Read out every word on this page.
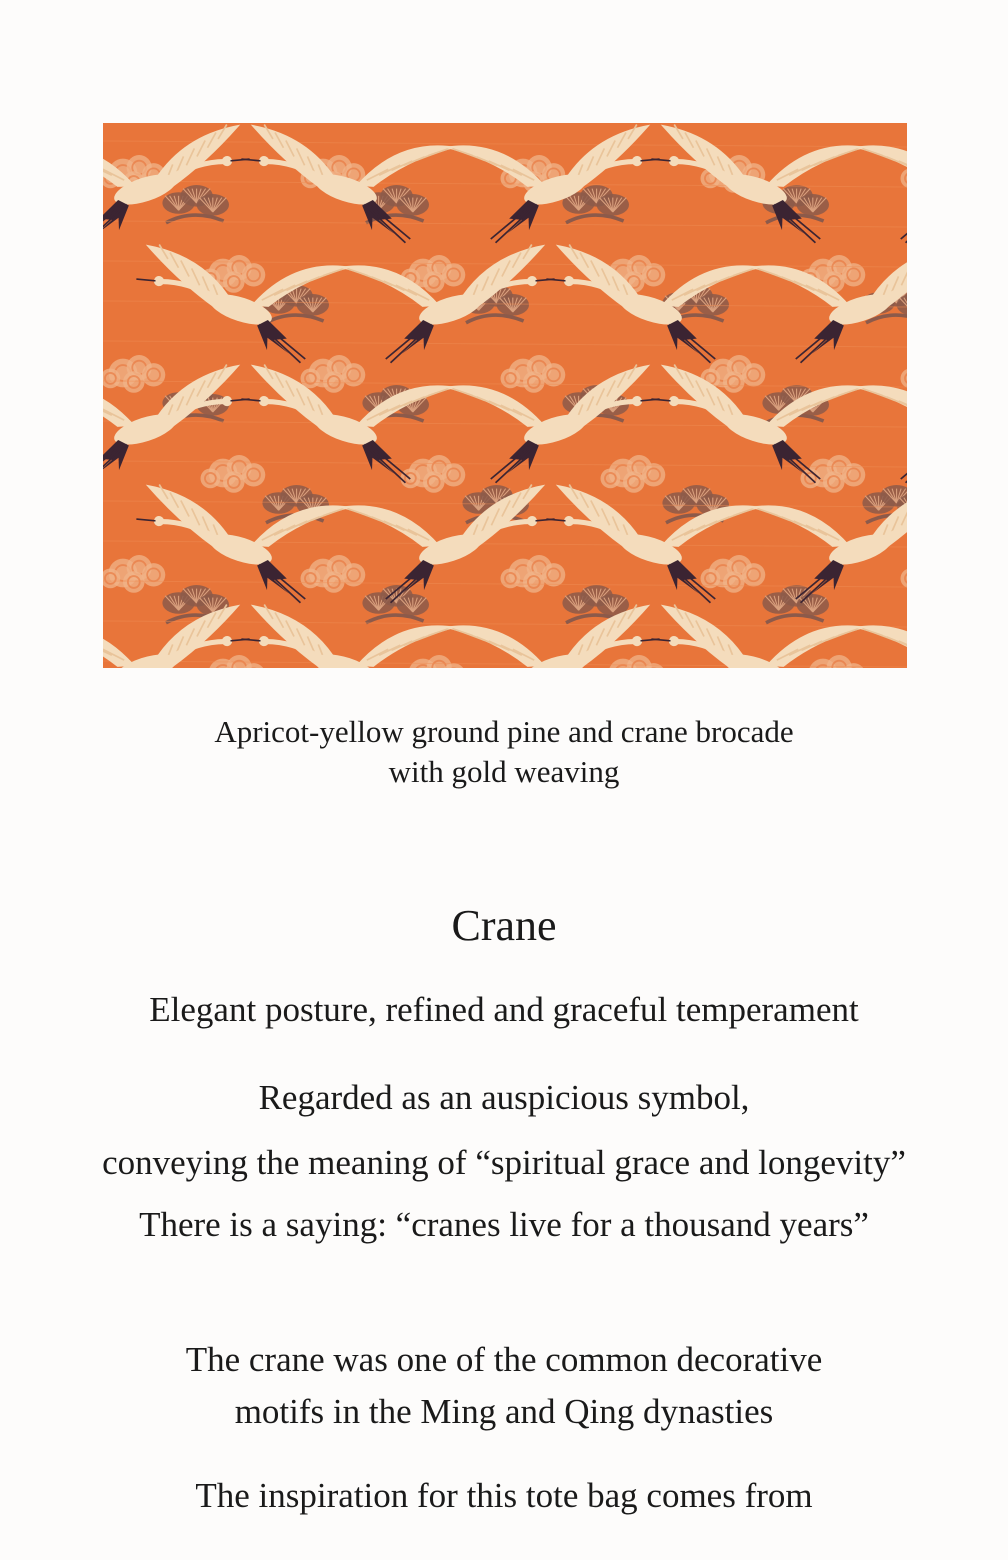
Apricot-yellow ground pine and crane brocade
with gold weaving
Crane
Elegant posture, refined and graceful temperament
Regarded as an auspicious symbol,
conveying the meaning of “spiritual grace and longevity”
There is a saying: “cranes live for a thousand years”
The crane was one of the common decorative
motifs in the Ming and Qing dynasties
The inspiration for this tote bag comes from
